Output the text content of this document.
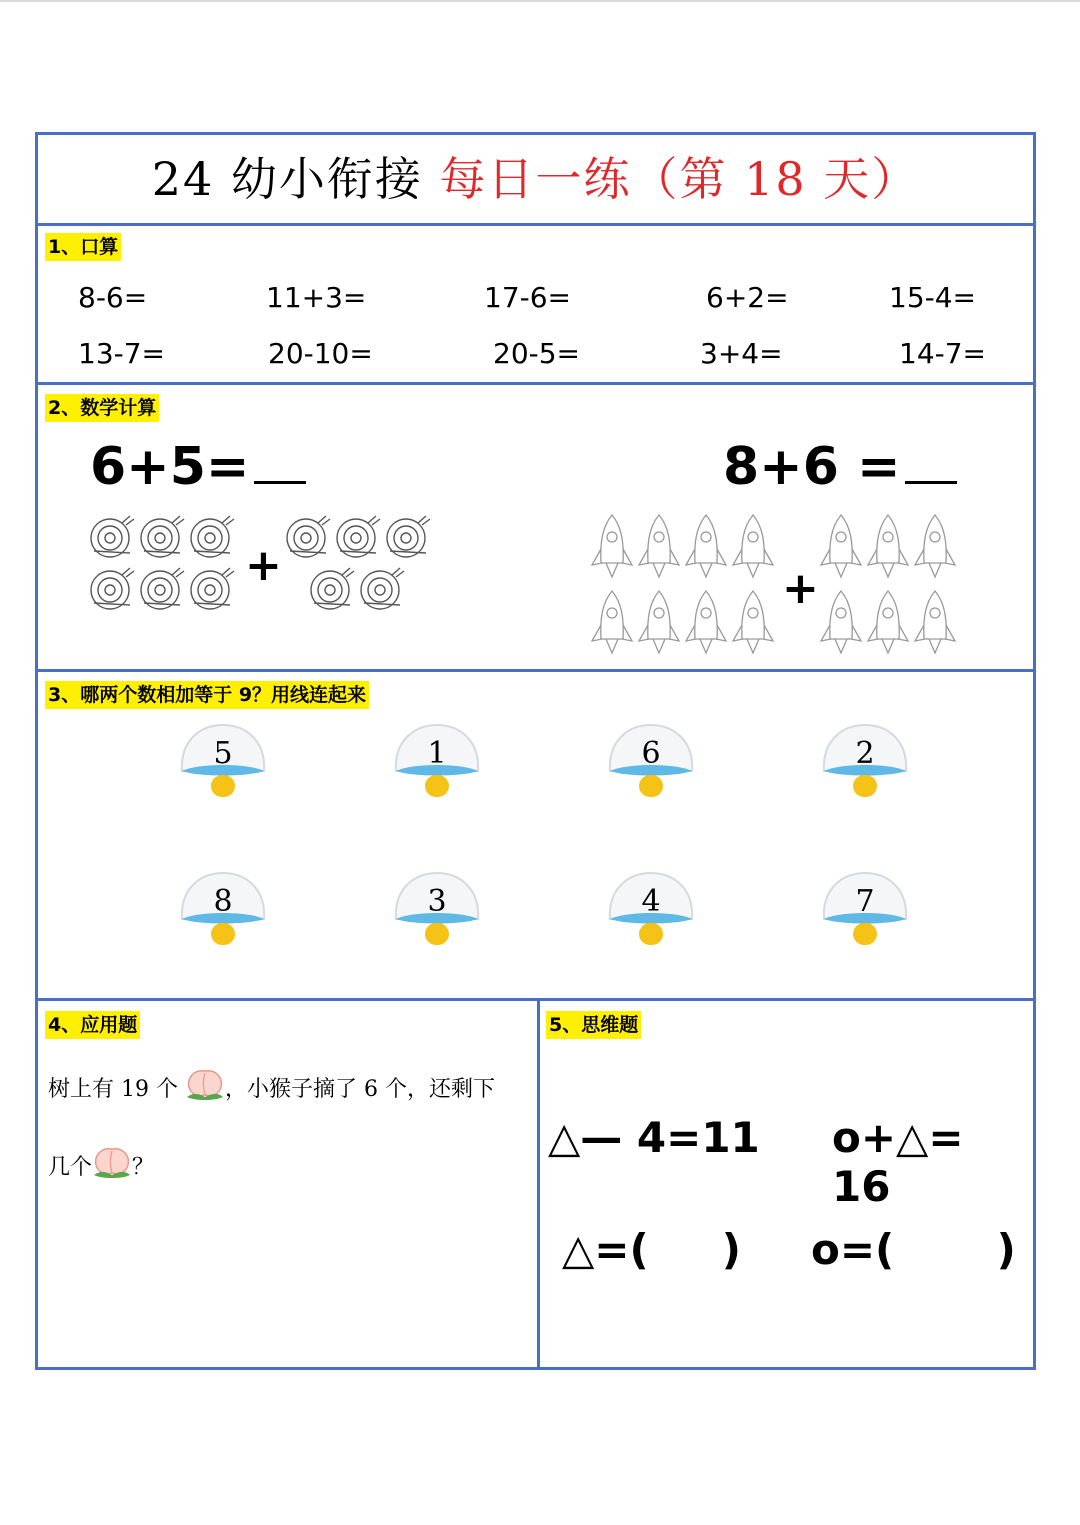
24 幼小衔接 每日一练（第 18 天）
1、口算
8-6=	11+3=	17-6=	6+2=	15-4=
13-7=	20-10=	20-5=	3+4=	14-7=
2、数学计算
6+5=	8+6 =
+	+
3、哪两个数相加等于 9？用线连起来
5	1	6	2
8	3	4	7
4、应用题
树上有 19 个 ，小猴子摘了 6 个，还剩下
几个 ？
5、思维题
△— 4=11 o+△= 16
△=(     ) o=(       )
